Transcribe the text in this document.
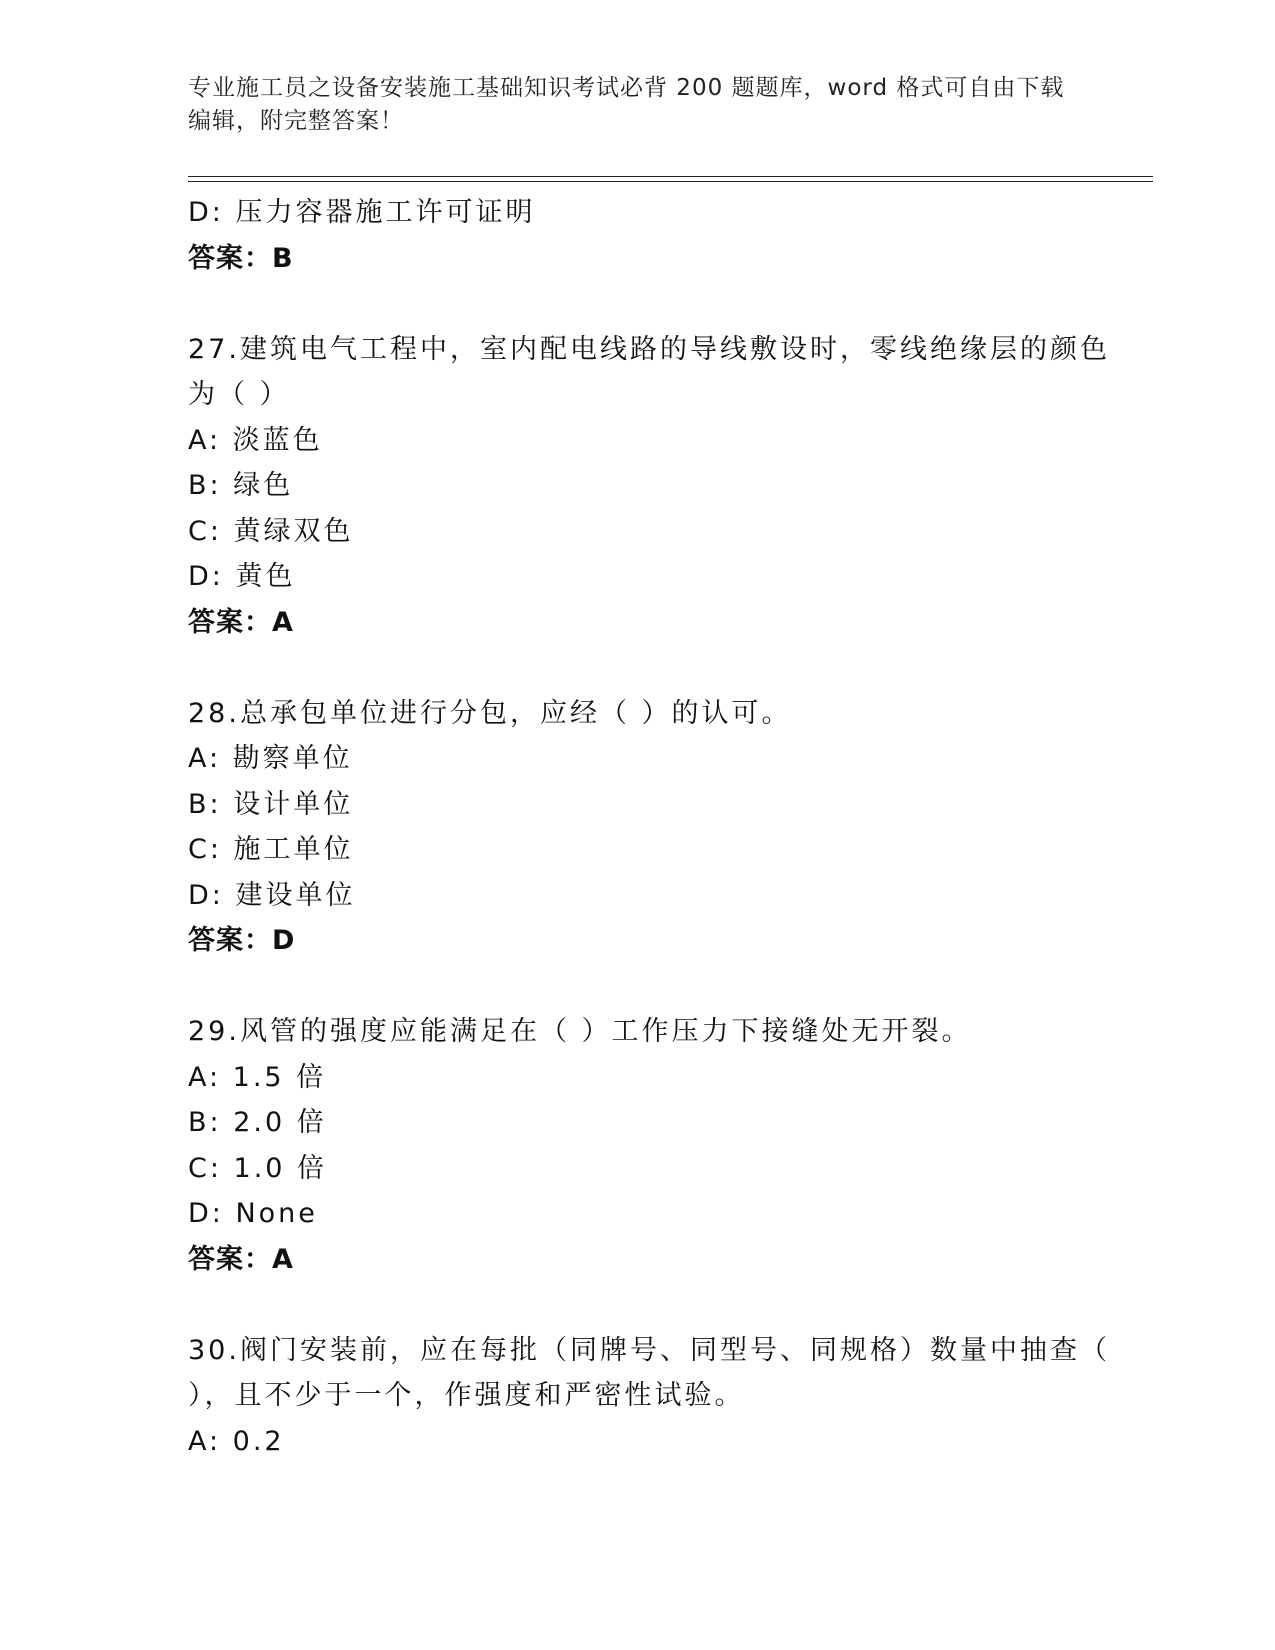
专业施工员之设备安装施工基础知识考试必背 200 题题库，word 格式可自由下载
编辑，附完整答案！
D: 压力容器施工许可证明
答案：B
27.建筑电气工程中，室内配电线路的导线敷设时，零线绝缘层的颜色
为（ ）
A: 淡蓝色
B: 绿色
C: 黄绿双色
D: 黄色
答案：A
28.总承包单位进行分包，应经（ ）的认可。
A: 勘察单位
B: 设计单位
C: 施工单位
D: 建设单位
答案：D
29.风管的强度应能满足在（ ）工作压力下接缝处无开裂。
A: 1.5 倍
B: 2.0 倍
C: 1.0 倍
D: None
答案：A
30.阀门安装前，应在每批（同牌号、同型号、同规格）数量中抽查（
），且不少于一个，作强度和严密性试验。
A: 0.2
